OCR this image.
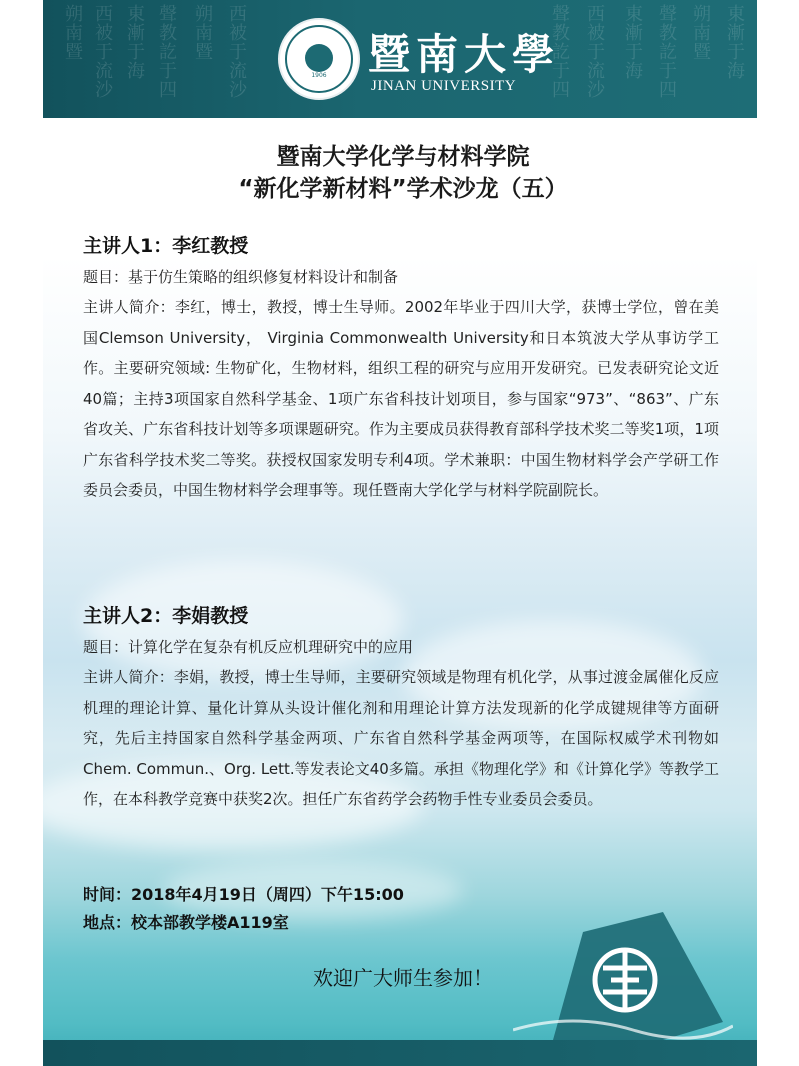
朔南暨 西被于流沙 東漸于海 聲教訖于四 朔南暨 西被于流沙	聲教訖于四 西被于流沙 東漸于海 聲教訖于四 朔南暨 東漸于海
1906 暨南大學
JINAN UNIVERSITY
暨南大学化学与材料学院
“新化学新材料”学术沙龙（五）
主讲人1：李红教授
题目：基于仿生策略的组织修复材料设计和制备
主讲人简介：李红，博士，教授，博士生导师。2002年毕业于四川大学，获博士学位，曾在美国Clemson University， Virginia Commonwealth University和日本筑波大学从事访学工作。主要研究领域: 生物矿化，生物材料，组织工程的研究与应用开发研究。已发表研究论文近40篇；主持3项国家自然科学基金、1项广东省科技计划项目，参与国家“973”、“863”、广东省攻关、广东省科技计划等多项课题研究。作为主要成员获得教育部科学技术奖二等奖1项，1项广东省科学技术奖二等奖。获授权国家发明专利4项。学术兼职：中国生物材料学会产学研工作委员会委员，中国生物材料学会理事等。现任暨南大学化学与材料学院副院长。
主讲人2：李娟教授
题目：计算化学在复杂有机反应机理研究中的应用
主讲人简介：李娟，教授，博士生导师，主要研究领域是物理有机化学，从事过渡金属催化反应机理的理论计算、量化计算从头设计催化剂和用理论计算方法发现新的化学成键规律等方面研究，先后主持国家自然科学基金两项、广东省自然科学基金两项等，在国际权威学术刊物如Chem. Commun.、Org. Lett.等发表论文40多篇。承担《物理化学》和《计算化学》等教学工作，在本科教学竞赛中获奖2次。担任广东省药学会药物手性专业委员会委员。
时间：2018年4月19日（周四）下午15:00
地点：校本部教学楼A119室
欢迎广大师生参加！
